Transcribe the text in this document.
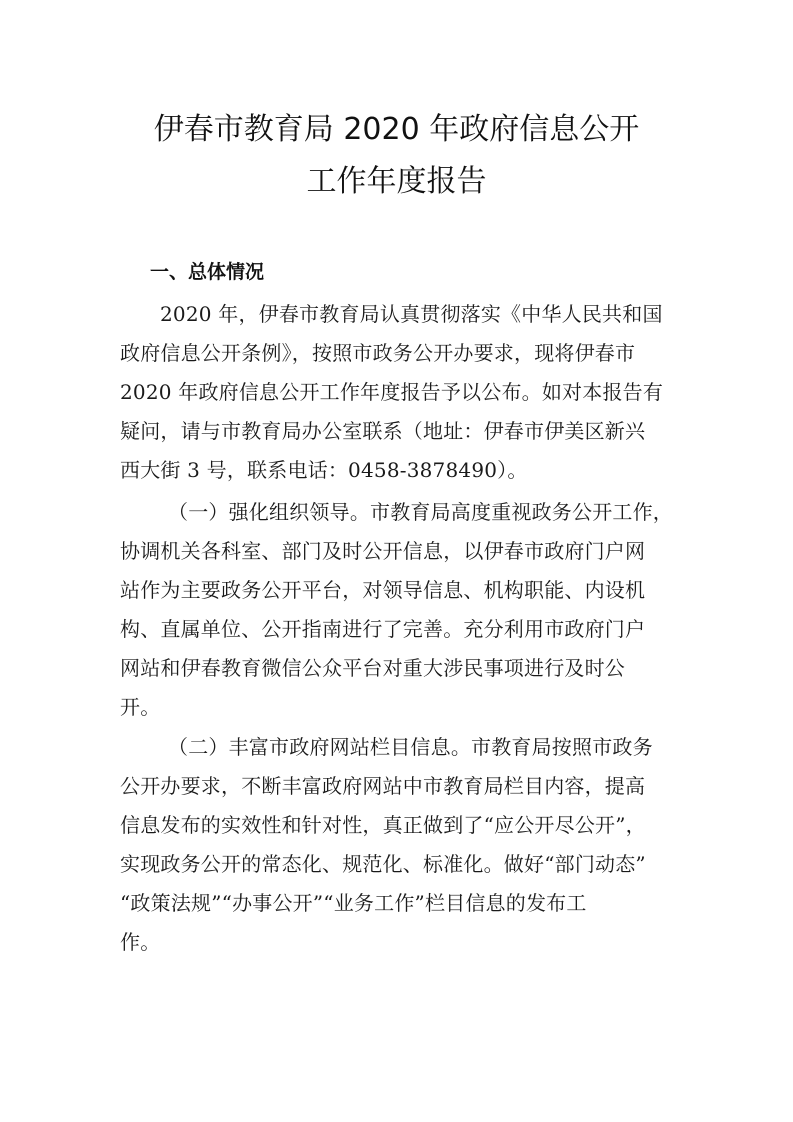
伊春市教育局 2020 年政府信息公开
工作年度报告
一、总体情况

2020 年，伊春市教育局认真贯彻落实《中华人民共和国

政府信息公开条例》，按照市政务公开办要求，现将伊春市

2020 年政府信息公开工作年度报告予以公布。如对本报告有

疑问，请与市教育局办公室联系（地址：伊春市伊美区新兴

西大街 3 号，联系电话：0458-3878490）。

（一）强化组织领导。市教育局高度重视政务公开工作，

协调机关各科室、部门及时公开信息，以伊春市政府门户网

站作为主要政务公开平台，对领导信息、机构职能、内设机

构、直属单位、公开指南进行了完善。充分利用市政府门户

网站和伊春教育微信公众平台对重大涉民事项进行及时公

开。

（二）丰富市政府网站栏目信息。市教育局按照市政务

公开办要求，不断丰富政府网站中市教育局栏目内容，提高

信息发布的实效性和针对性，真正做到了“应公开尽公开”，

实现政务公开的常态化、规范化、标准化。做好“部门动态”

“政策法规”“办事公开”“业务工作”栏目信息的发布工

作。
